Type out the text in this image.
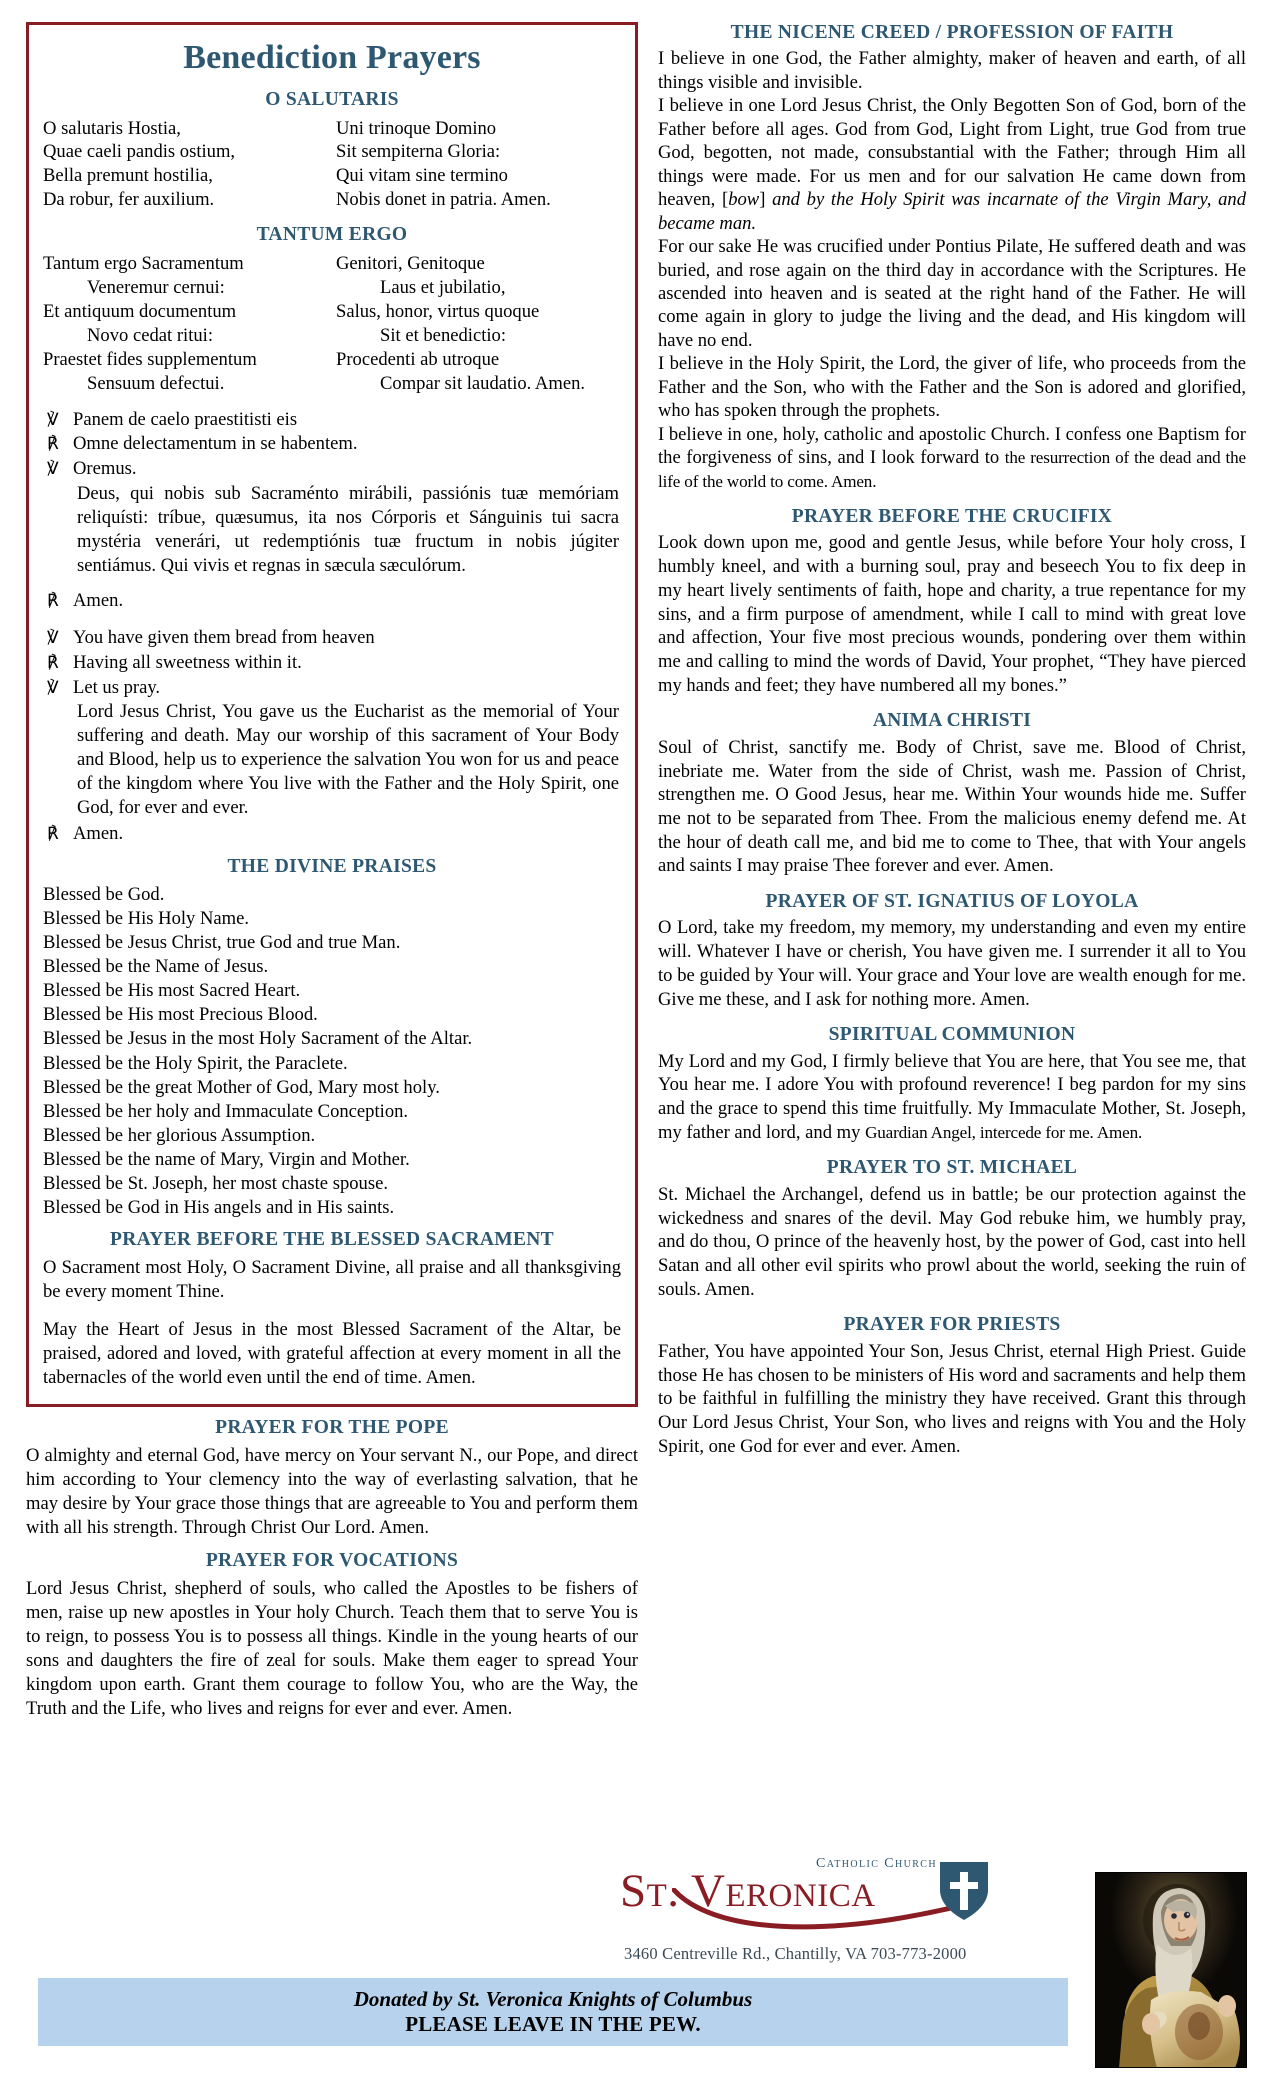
Benediction Prayers
O SALUTARIS
O salutaris Hostia,
Quae caeli pandis ostium,
Bella premunt hostilia,
Da robur, fer auxilium.
Uni trinoque Domino
Sit sempiterna Gloria:
Qui vitam sine termino
Nobis donet in patria. Amen.
TANTUM ERGO
Tantum ergo Sacramentum
Veneremur cernui:
Et antiquum documentum
Novo cedat ritui:
Praestet fides supplementum
Sensuum defectui.
Genitori, Genitoque
Laus et jubilatio,
Salus, honor, virtus quoque
Sit et benedictio:
Procedenti ab utroque
Compar sit laudatio. Amen.
℣ Panem de caelo praestitisti eis
℟ Omne delectamentum in se habentem.
℣ Oremus.
Deus, qui nobis sub Sacraménto mirábili, passiónis tuæ memóriam reliquísti: tríbue, quæsumus, ita nos Córporis et Sánguinis tui sacra mystéria venerári, ut redemptiónis tuæ fructum in nobis júgiter sentiámus. Qui vivis et regnas in sæcula sæculórum.
℟ Amen.
℣ You have given them bread from heaven
℟ Having all sweetness within it.
℣ Let us pray.
Lord Jesus Christ, You gave us the Eucharist as the memorial of Your suffering and death. May our worship of this sacrament of Your Body and Blood, help us to experience the salvation You won for us and peace of the kingdom where You live with the Father and the Holy Spirit, one God, for ever and ever.
℟ Amen.
THE DIVINE PRAISES
Blessed be God.
Blessed be His Holy Name.
Blessed be Jesus Christ, true God and true Man.
Blessed be the Name of Jesus.
Blessed be His most Sacred Heart.
Blessed be His most Precious Blood.
Blessed be Jesus in the most Holy Sacrament of the Altar.
Blessed be the Holy Spirit, the Paraclete.
Blessed be the great Mother of God, Mary most holy.
Blessed be her holy and Immaculate Conception.
Blessed be her glorious Assumption.
Blessed be the name of Mary, Virgin and Mother.
Blessed be St. Joseph, her most chaste spouse.
Blessed be God in His angels and in His saints.
PRAYER BEFORE THE BLESSED SACRAMENT
O Sacrament most Holy, O Sacrament Divine, all praise and all thanksgiving be every moment Thine.
May the Heart of Jesus in the most Blessed Sacrament of the Altar, be praised, adored and loved, with grateful affection at every moment in all the tabernacles of the world even until the end of time. Amen.
PRAYER FOR THE POPE
O almighty and eternal God, have mercy on Your servant N., our Pope, and direct him according to Your clemency into the way of everlasting salvation, that he may desire by Your grace those things that are agreeable to You and perform them with all his strength. Through Christ Our Lord. Amen.
PRAYER FOR VOCATIONS
Lord Jesus Christ, shepherd of souls, who called the Apostles to be fishers of men, raise up new apostles in Your holy Church. Teach them that to serve You is to reign, to possess You is to possess all things. Kindle in the young hearts of our sons and daughters the fire of zeal for souls. Make them eager to spread Your kingdom upon earth. Grant them courage to follow You, who are the Way, the Truth and the Life, who lives and reigns for ever and ever. Amen.
THE NICENE CREED / PROFESSION OF FAITH
I believe in one God, the Father almighty, maker of heaven and earth, of all things visible and invisible.
I believe in one Lord Jesus Christ, the Only Begotten Son of God, born of the Father before all ages. God from God, Light from Light, true God from true God, begotten, not made, consubstantial with the Father; through Him all things were made. For us men and for our salvation He came down from heaven, [bow] and by the Holy Spirit was incarnate of the Virgin Mary, and became man.
For our sake He was crucified under Pontius Pilate, He suffered death and was buried, and rose again on the third day in accordance with the Scriptures. He ascended into heaven and is seated at the right hand of the Father. He will come again in glory to judge the living and the dead, and His kingdom will have no end.
I believe in the Holy Spirit, the Lord, the giver of life, who proceeds from the Father and the Son, who with the Father and the Son is adored and glorified, who has spoken through the prophets.
I believe in one, holy, catholic and apostolic Church. I confess one Baptism for the forgiveness of sins, and I look forward to the resurrection of the dead and the life of the world to come. Amen.
PRAYER BEFORE THE CRUCIFIX
Look down upon me, good and gentle Jesus, while before Your holy cross, I humbly kneel, and with a burning soul, pray and beseech You to fix deep in my heart lively sentiments of faith, hope and charity, a true repentance for my sins, and a firm purpose of amendment, while I call to mind with great love and affection, Your five most precious wounds, pondering over them within me and calling to mind the words of David, Your prophet, “They have pierced my hands and feet; they have numbered all my bones.”
ANIMA CHRISTI
Soul of Christ, sanctify me. Body of Christ, save me. Blood of Christ, inebriate me. Water from the side of Christ, wash me. Passion of Christ, strengthen me. O Good Jesus, hear me. Within Your wounds hide me. Suffer me not to be separated from Thee. From the malicious enemy defend me. At the hour of death call me, and bid me to come to Thee, that with Your angels and saints I may praise Thee forever and ever. Amen.
PRAYER OF ST. IGNATIUS OF LOYOLA
O Lord, take my freedom, my memory, my understanding and even my entire will. Whatever I have or cherish, You have given me. I surrender it all to You to be guided by Your will. Your grace and Your love are wealth enough for me. Give me these, and I ask for nothing more. Amen.
SPIRITUAL COMMUNION
My Lord and my God, I firmly believe that You are here, that You see me, that You hear me. I adore You with profound reverence! I beg pardon for my sins and the grace to spend this time fruitfully. My Immaculate Mother, St. Joseph, my father and lord, and my Guardian Angel, intercede for me. Amen.
PRAYER TO ST. MICHAEL
St. Michael the Archangel, defend us in battle; be our protection against the wickedness and snares of the devil. May God rebuke him, we humbly pray, and do thou, O prince of the heavenly host, by the power of God, cast into hell Satan and all other evil spirits who prowl about the world, seeking the ruin of souls. Amen.
PRAYER FOR PRIESTS
Father, You have appointed Your Son, Jesus Christ, eternal High Priest. Guide those He has chosen to be ministers of His word and sacraments and help them to be faithful in fulfilling the ministry they have received. Grant this through Our Lord Jesus Christ, Your Son, who lives and reigns with You and the Holy Spirit, one God for ever and ever. Amen.
Catholic Church
St. Veronica
3460 Centreville Rd., Chantilly, VA 703-773-2000
Donated by St. Veronica Knights of Columbus
PLEASE LEAVE IN THE PEW.
